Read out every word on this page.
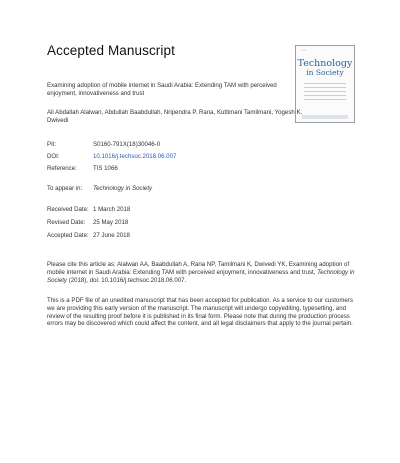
Accepted Manuscript	▪ ▫ ▪
Technology
in Society
Examining adoption of mobile internet in Saudi Arabia: Extending TAM with perceived enjoyment, innovativeness and trust
Ali Abdallah Alalwan, Abdullah Baabdullah, Nripendra P. Rana, Kuttimani Tamilmani, Yogesh K. Dwivedi
PII:	S0160-791X(18)30046-0
DOI:	10.1016/j.techsoc.2018.06.007
Reference:	TIS 1066
To appear in: Technology in Society
Received Date: 1 March 2018
Revised Date: 25 May 2018
Accepted Date: 27 June 2018
Please cite this article as: Alalwan AA, Baabdullah A, Rana NP, Tamilmani K, Dwivedi YK, Examining adoption of mobile internet in Saudi Arabia: Extending TAM with perceived enjoyment, innovativeness and trust, Technology in Society (2018), doi: 10.1016/j.techsoc.2018.06.007.
This is a PDF file of an unedited manuscript that has been accepted for publication. As a service to our customers we are providing this early version of the manuscript. The manuscript will undergo copyediting, typesetting, and review of the resulting proof before it is published in its final form. Please note that during the production process errors may be discovered which could affect the content, and all legal disclaimers that apply to the journal pertain.
